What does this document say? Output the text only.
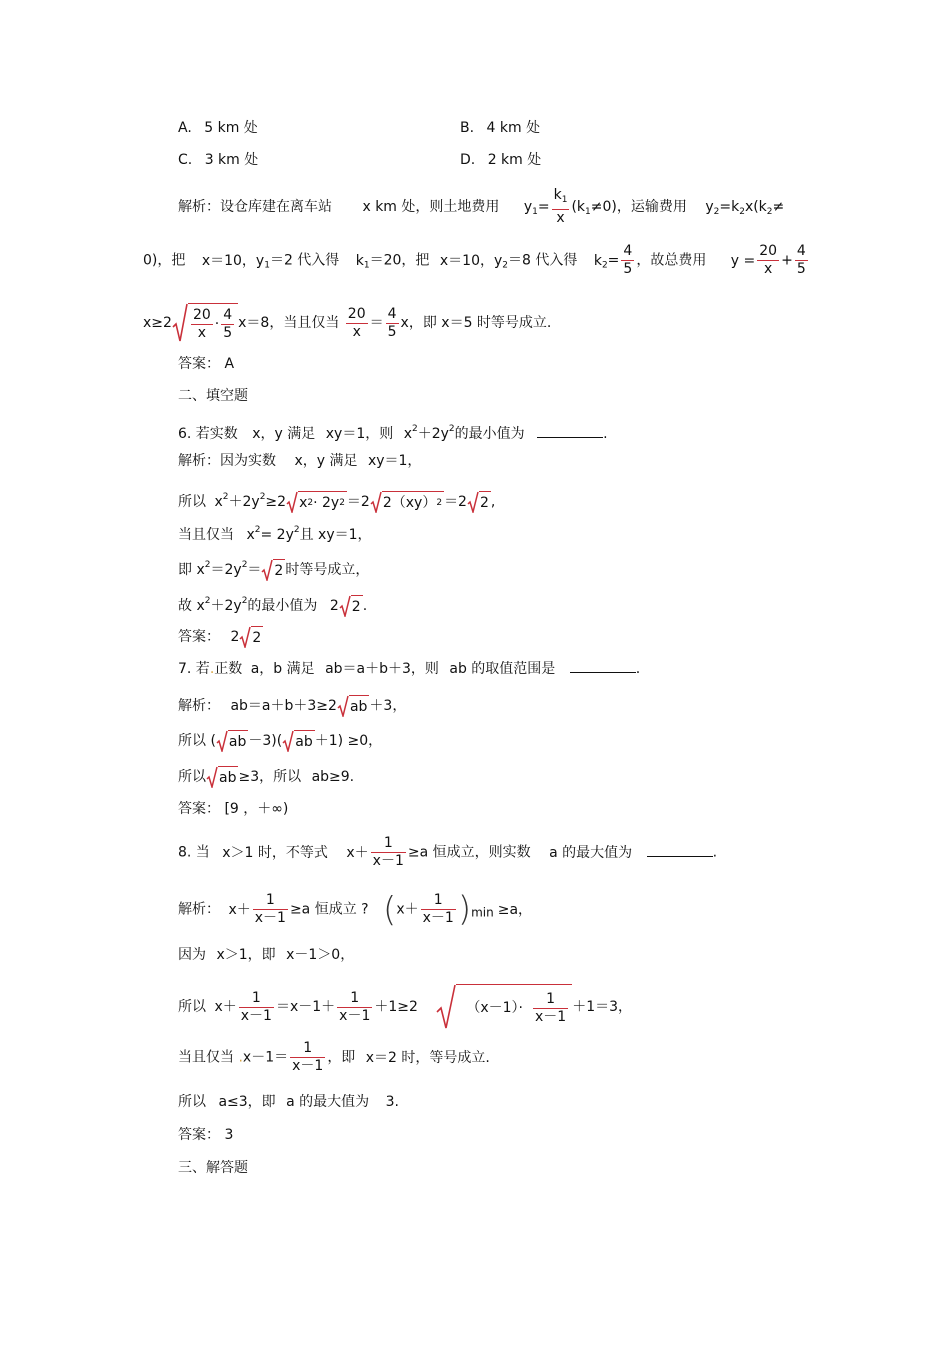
A. 5 km 处	B. 4 km 处
C. 3 km 处	D. 2 km 处
解析：设仓库建在离车站 x km 处，则土地费用 $y_1= \frac{k_1}{x} (k_1\ne 0)$，运输费用 $y_2=k_2x(k_2\ne$
0)，把 x＝10，$y_1=2$ 代入得 $k_1=20$，把 x＝10，$y_2=8$ 代入得 $k_2= \frac{4}{5}$ ，故总费用 $y = \frac{20}{x} + \frac{4}{5}$
$x\ge 2 \frac{20}{x} \cdot \frac{4}{5} x=8$，当且仅当 $\frac{20}{x} = \frac{4}{5}$ x，即 x＝5 时等号成立.
答案： A
二、填空题
6. 若实数 x，y 满足 xy＝1，则 $x^2+2y^2$的最小值为	.
解析：因为实数 x，y 满足 xy＝1，
所以 $x^2+2y^2\ge 2$ x 2 · 2y 2 ＝2 2（xy） 2 ＝2 2 ,
当且仅当 $x^2= 2y^2$且 xy＝1，
即 $x^2=2y^2= 2$ 时等号成立，
故 $x^2+2y^2$的最小值为 2 2 .
答案： 2 2
7. 若.正数 a，b 满足 ab＝a＋b＋3，则 ab 的取值范围是	.
解析： ab＝a＋b＋3≥2 ab ＋3，
所以 ( ab －3)( ab ＋1) ≥0，
所以 ab ≥3，所以 ab≥9.
答案： [9 ，＋∞)
8. 当 x＞1 时，不等式 $x+ \frac{1}{x-1} \ge a$ 恒成立，则实数 a 的最大值为	.
解析： $x+ \frac{1}{x-1} \ge a$ 恒成立 ? $(x+ \frac{1}{x-1} )\min \ge a$，
因为 x＞1，即 x－1＞0，
所以 $x+ \frac{1}{x-1} =x-1+ \frac{1}{x-1} +1\ge 2$	$(x-1)\cdot \frac{1}{x-1} +1=3$，
当且仅当 $.x-1= \frac{1}{x-1}$ ，即 x＝2 时，等号成立.
所以 a≤3，即 a 的最大值为 3.
答案： 3
三、解答题
